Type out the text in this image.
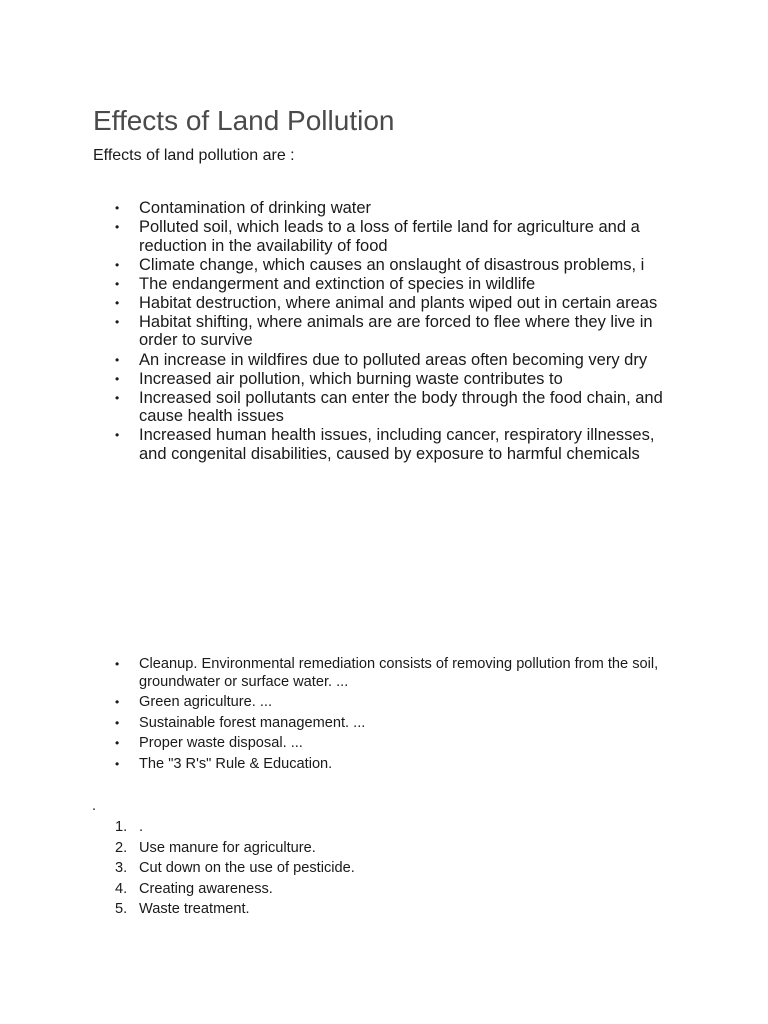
Effects of Land Pollution

Effects of land pollution are :

• Contamination of drinking water
• Polluted soil, which leads to a loss of fertile land for agriculture and a reduction in the availability of food
• Climate change, which causes an onslaught of disastrous problems, i
• The endangerment and extinction of species in wildlife
• Habitat destruction, where animal and plants wiped out in certain areas
• Habitat shifting, where animals are are forced to flee where they live in order to survive
• An increase in wildfires due to polluted areas often becoming very dry
• Increased air pollution, which burning waste contributes to
• Increased soil pollutants can enter the body through the food chain, and cause health issues
• Increased human health issues, including cancer, respiratory illnesses, and congenital disabilities, caused by exposure to harmful chemicals
• Cleanup. Environmental remediation consists of removing pollution from the soil, groundwater or surface water. ...
• Green agriculture. ...
• Sustainable forest management. ...
• Proper waste disposal. ...
• The "3 R's" Rule & Education.

.

1. .
2. Use manure for agriculture.
3. Cut down on the use of pesticide.
4. Creating awareness.
5. Waste treatment.
